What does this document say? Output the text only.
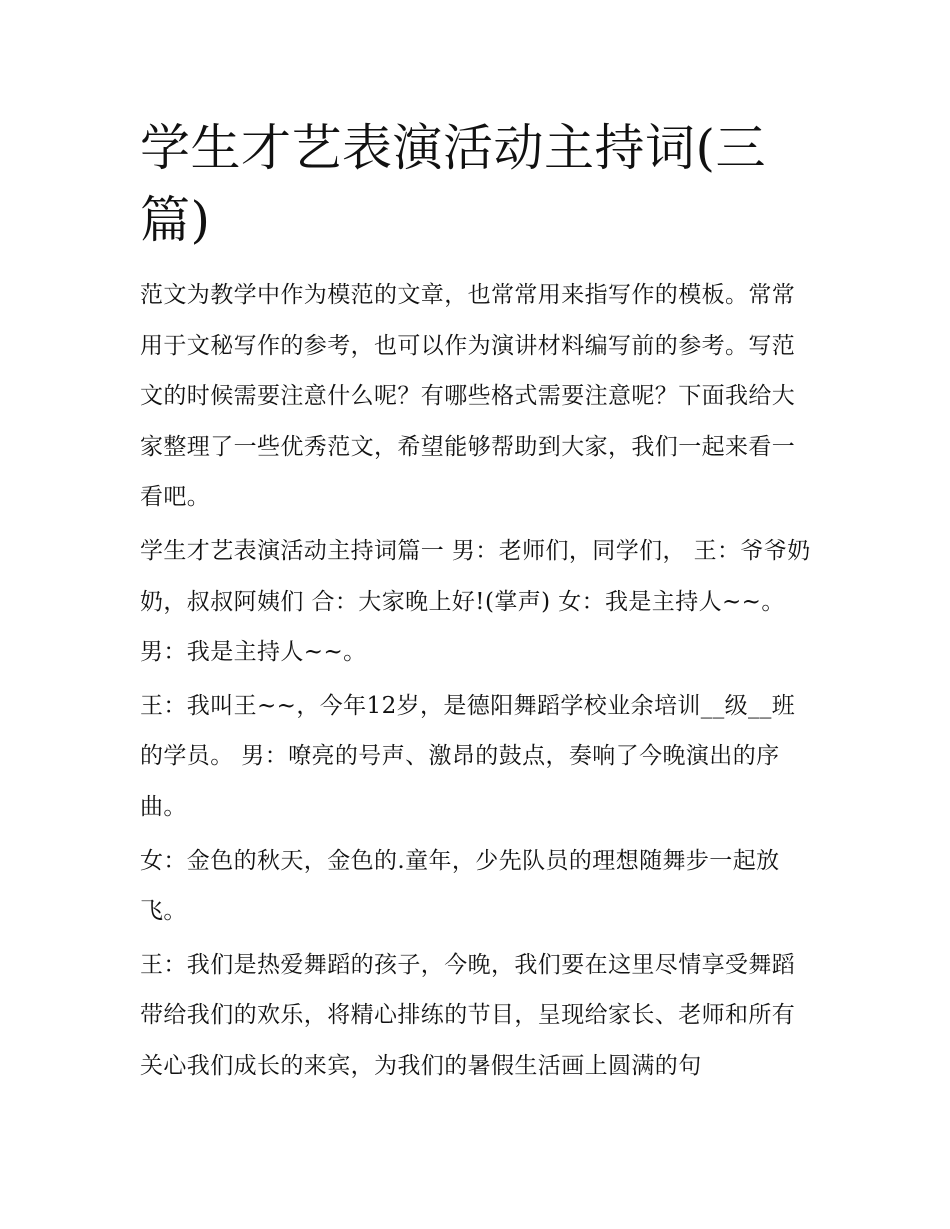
学生才艺表演活动主持词(三篇)

范文为教学中作为模范的文章，也常常用来指写作的模板。常常用于文秘写作的参考，也可以作为演讲材料编写前的参考。写范文的时候需要注意什么呢？有哪些格式需要注意呢？下面我给大家整理了一些优秀范文，希望能够帮助到大家，我们一起来看一看吧。

学生才艺表演活动主持词篇一 男：老师们，同学们， 王：爷爷奶奶，叔叔阿姨们 合：大家晚上好!(掌声) 女：我是主持人~~。 男：我是主持人~~。

王：我叫王~~，今年12岁，是德阳舞蹈学校业余培训__级__班的学员。 男：嘹亮的号声、激昂的鼓点，奏响了今晚演出的序曲。

女：金色的秋天，金色的.童年，少先队员的理想随舞步一起放飞。

王：我们是热爱舞蹈的孩子，今晚，我们要在这里尽情享受舞蹈带给我们的欢乐，将精心排练的节目，呈现给家长、老师和所有关心我们成长的来宾，为我们的暑假生活画上圆满的句
